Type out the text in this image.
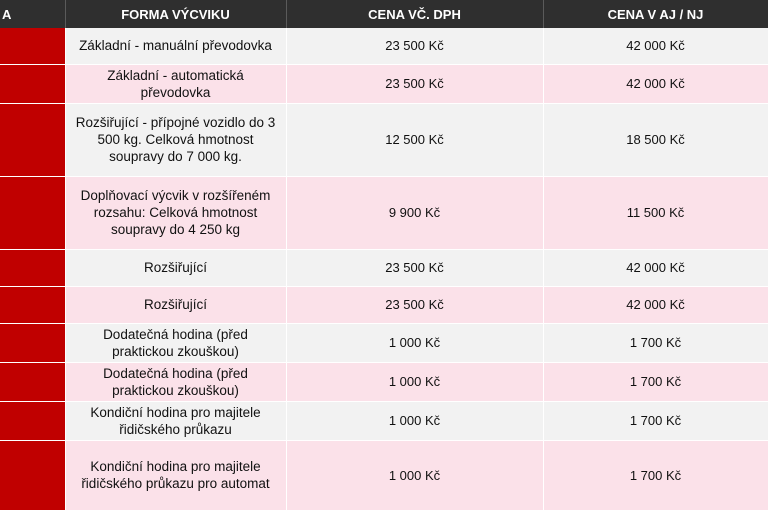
A	FORMA VÝCVIKU	CENA VČ. DPH	CENA V AJ / NJ
	Základní - manuální převodovka	23 500 Kč	42 000 Kč
	Základní - automatická převodovka	23 500 Kč	42 000 Kč
	Rozšiřující - přípojné vozidlo do 3 500 kg. Celková hmotnost soupravy do 7 000 kg.	12 500 Kč	18 500 Kč
	Doplňovací výcvik v rozšířeném rozsahu: Celková hmotnost soupravy do 4 250 kg	9 900 Kč	11 500 Kč
	Rozšiřující	23 500 Kč	42 000 Kč
	Rozšiřující	23 500 Kč	42 000 Kč
	Dodatečná hodina (před praktickou zkouškou)	1 000 Kč	1 700 Kč
	Dodatečná hodina (před praktickou zkouškou)	1 000 Kč	1 700 Kč
	Kondiční hodina pro majitele řidičského průkazu	1 000 Kč	1 700 Kč
	Kondiční hodina pro majitele řidičského průkazu pro automat	1 000 Kč	1 700 Kč
